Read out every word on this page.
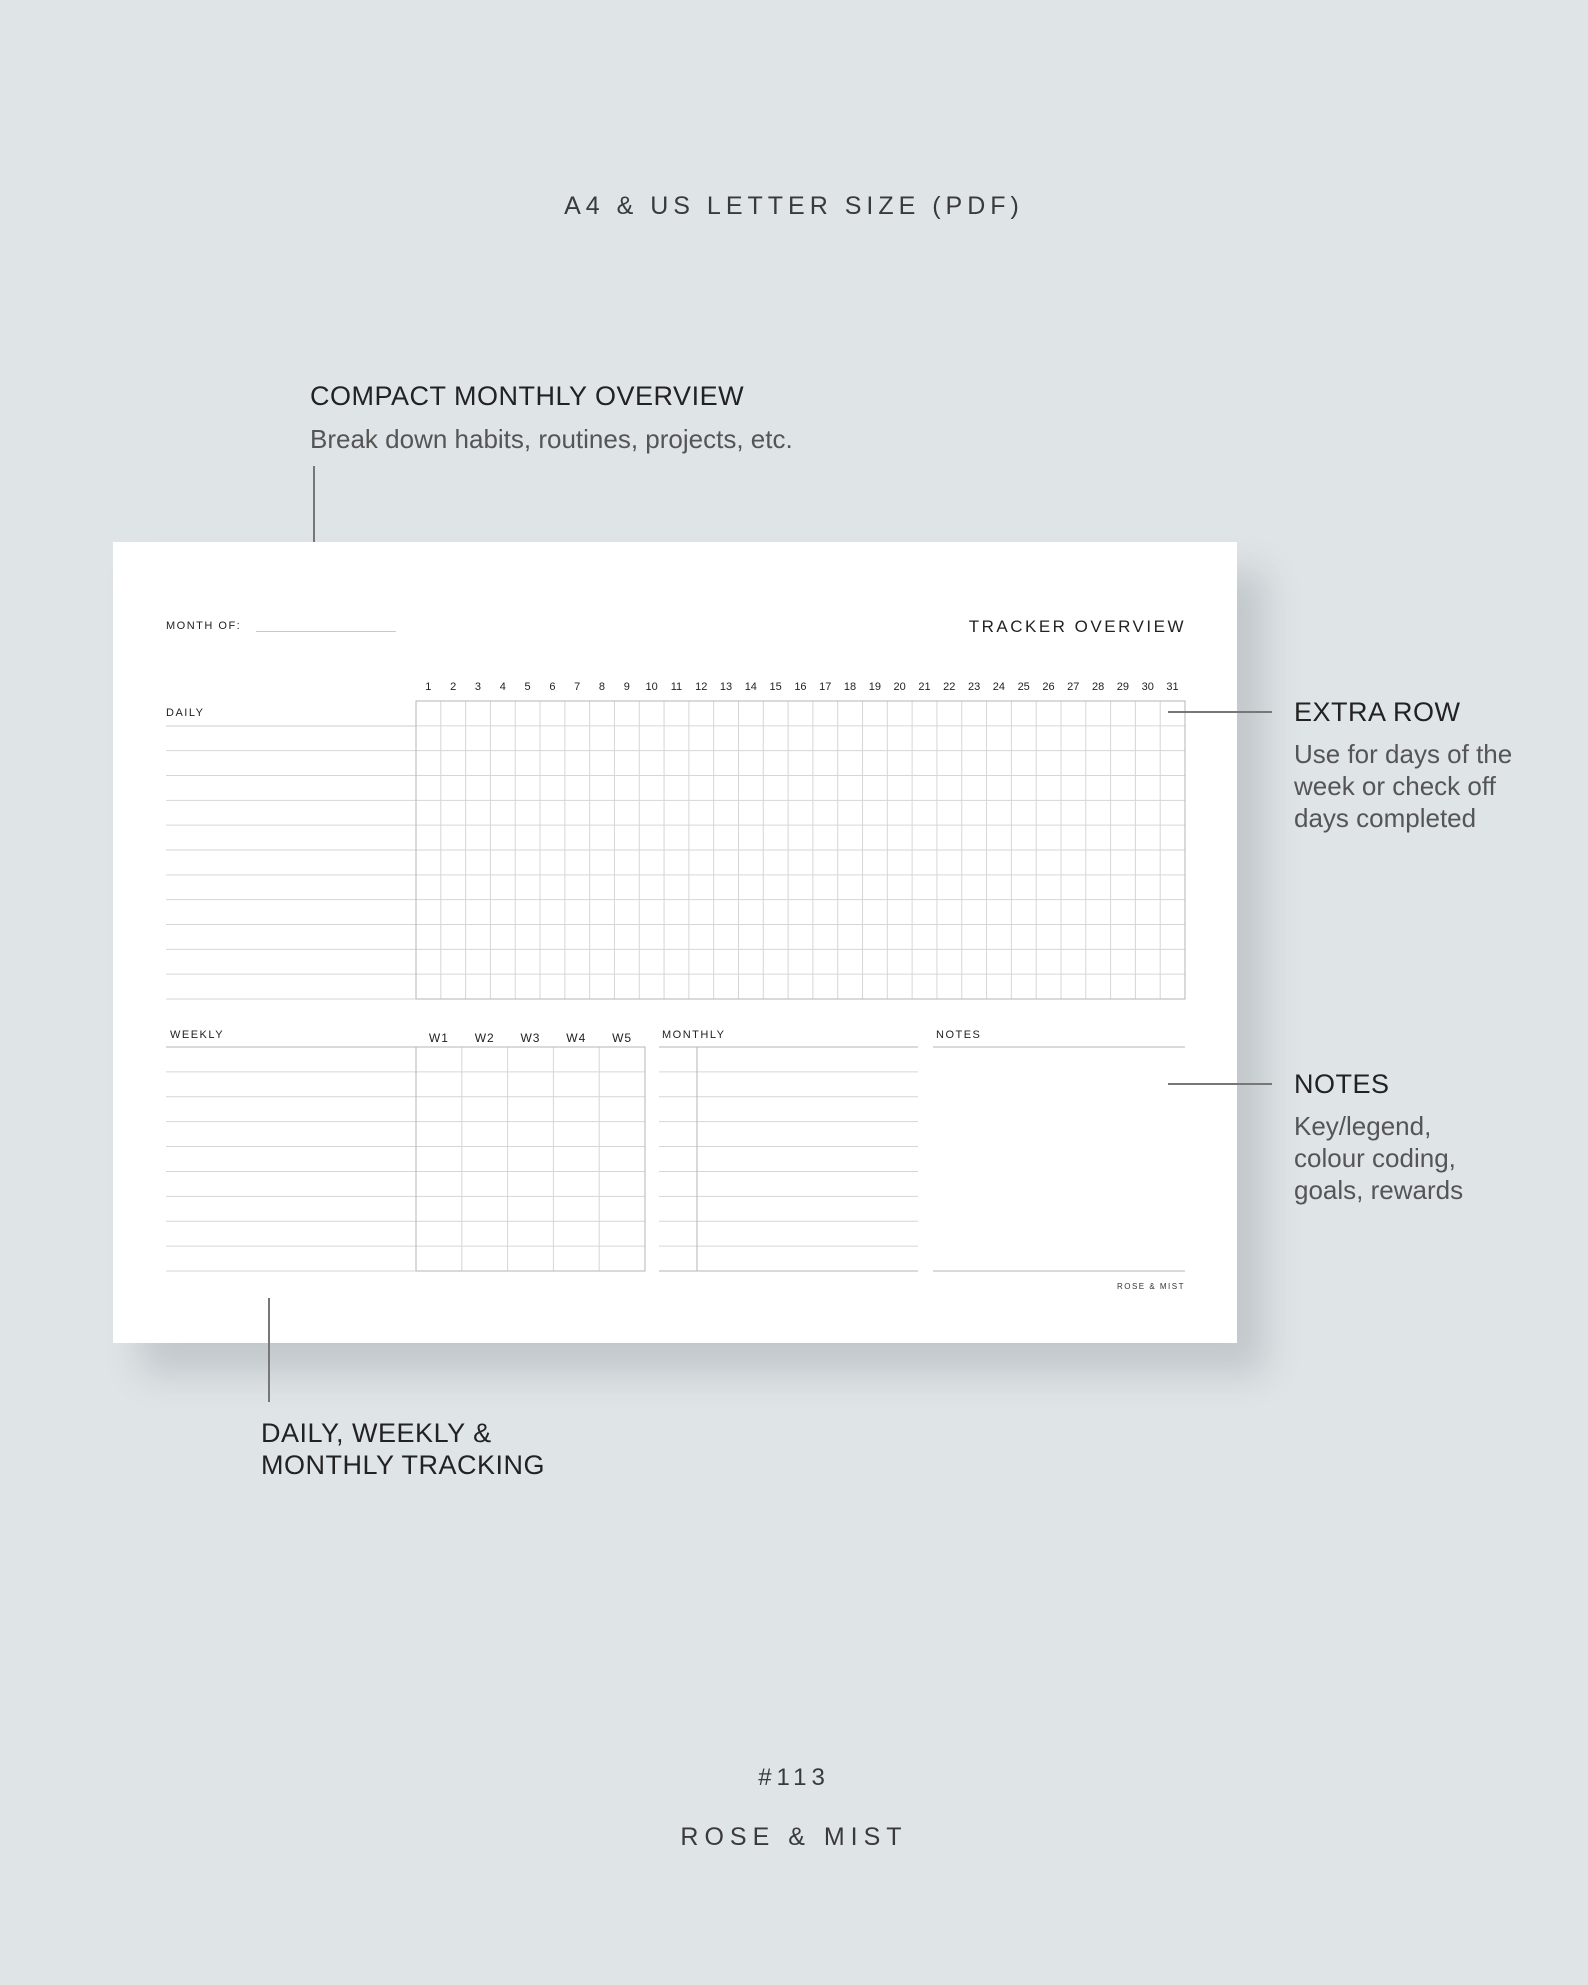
A4 & US LETTER SIZE (PDF)
COMPACT MONTHLY OVERVIEW
Break down habits, routines, projects, etc.
MONTH OF:	TRACKER OVERVIEW
DAILY
1	2	3	4	5	6	7	8	9	10	11	12	13	14	15	16	17	18	19	20	21	22	23	24	25	26	27	28	29	30	31
WEEKLY	W1	W2	W3	W4	W5	MONTHLY	NOTES
ROSE & MIST
EXTRA ROW
Use for days of the
week or check off
days completed
NOTES
Key/legend,
colour coding,
goals, rewards
DAILY, WEEKLY &
MONTHLY TRACKING
#113
ROSE & MIST
